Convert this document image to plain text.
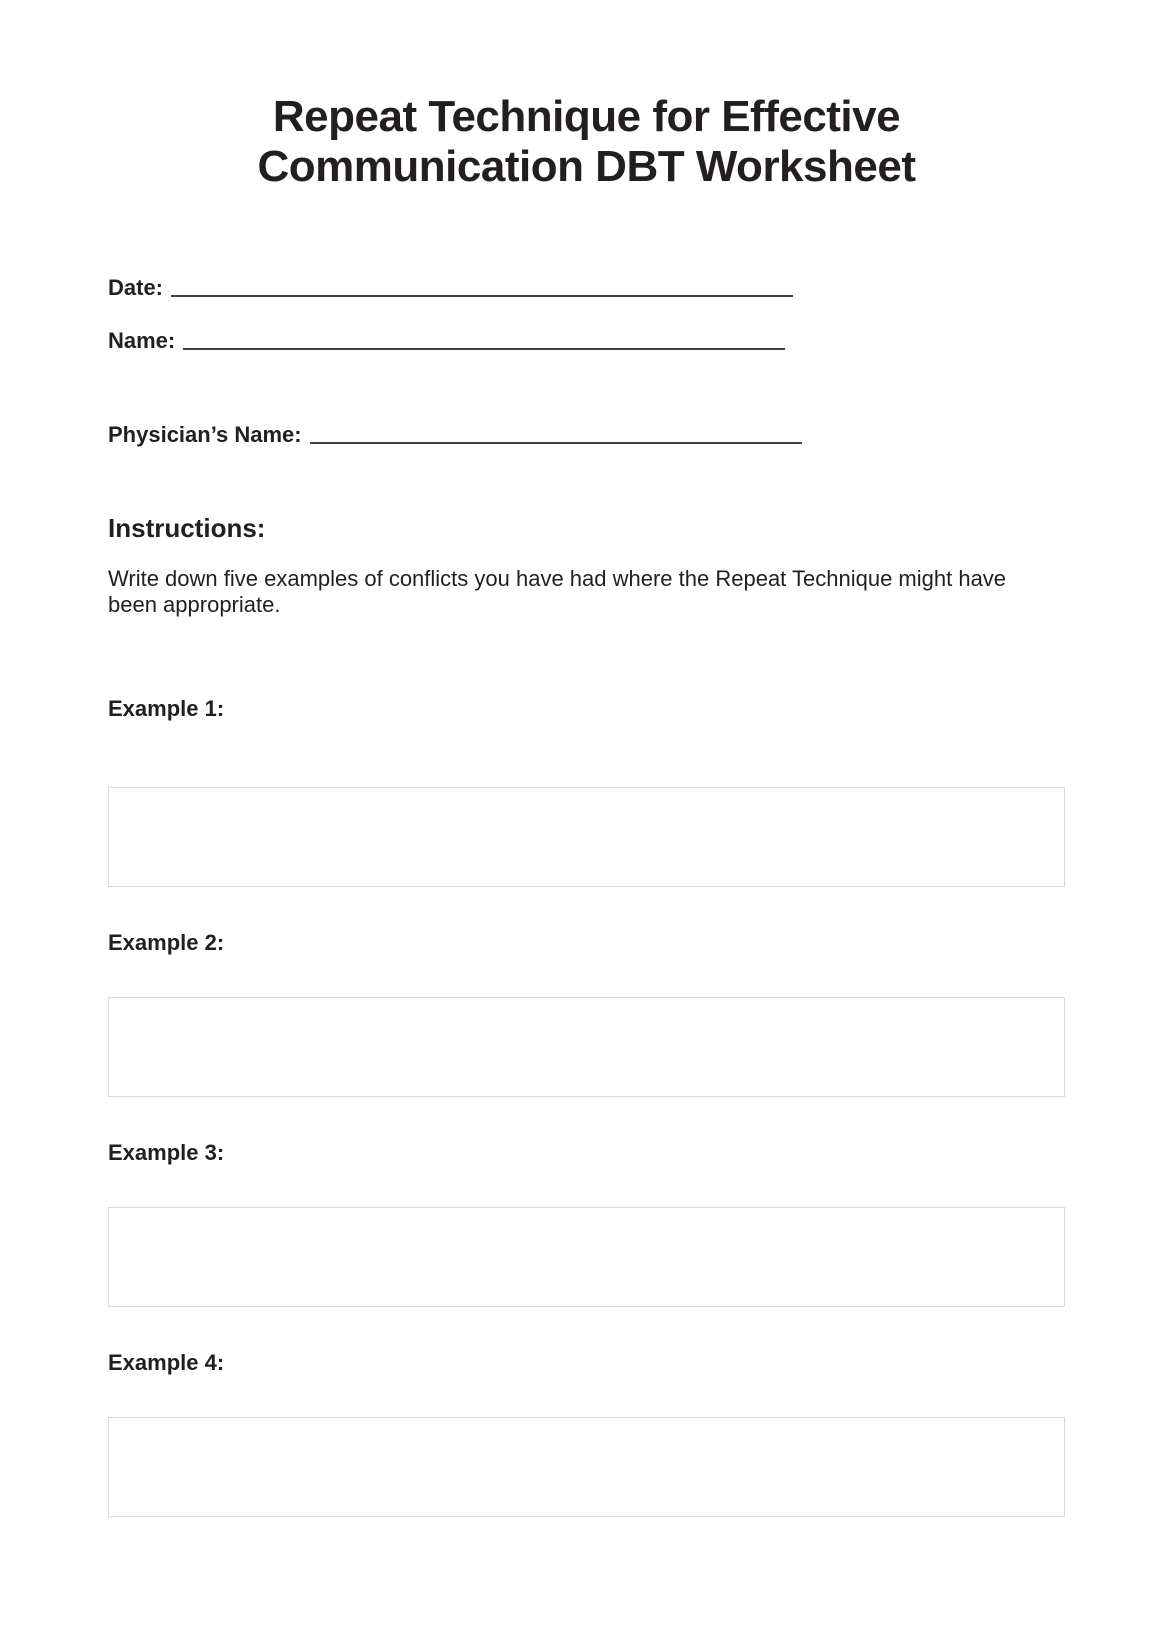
Repeat Technique for Effective Communication DBT Worksheet
Date:
Name:
Physician’s Name:
Instructions:

Write down five examples of conflicts you have had where the Repeat Technique might have been appropriate.

Example 1:
Example 2:
Example 3:
Example 4:
